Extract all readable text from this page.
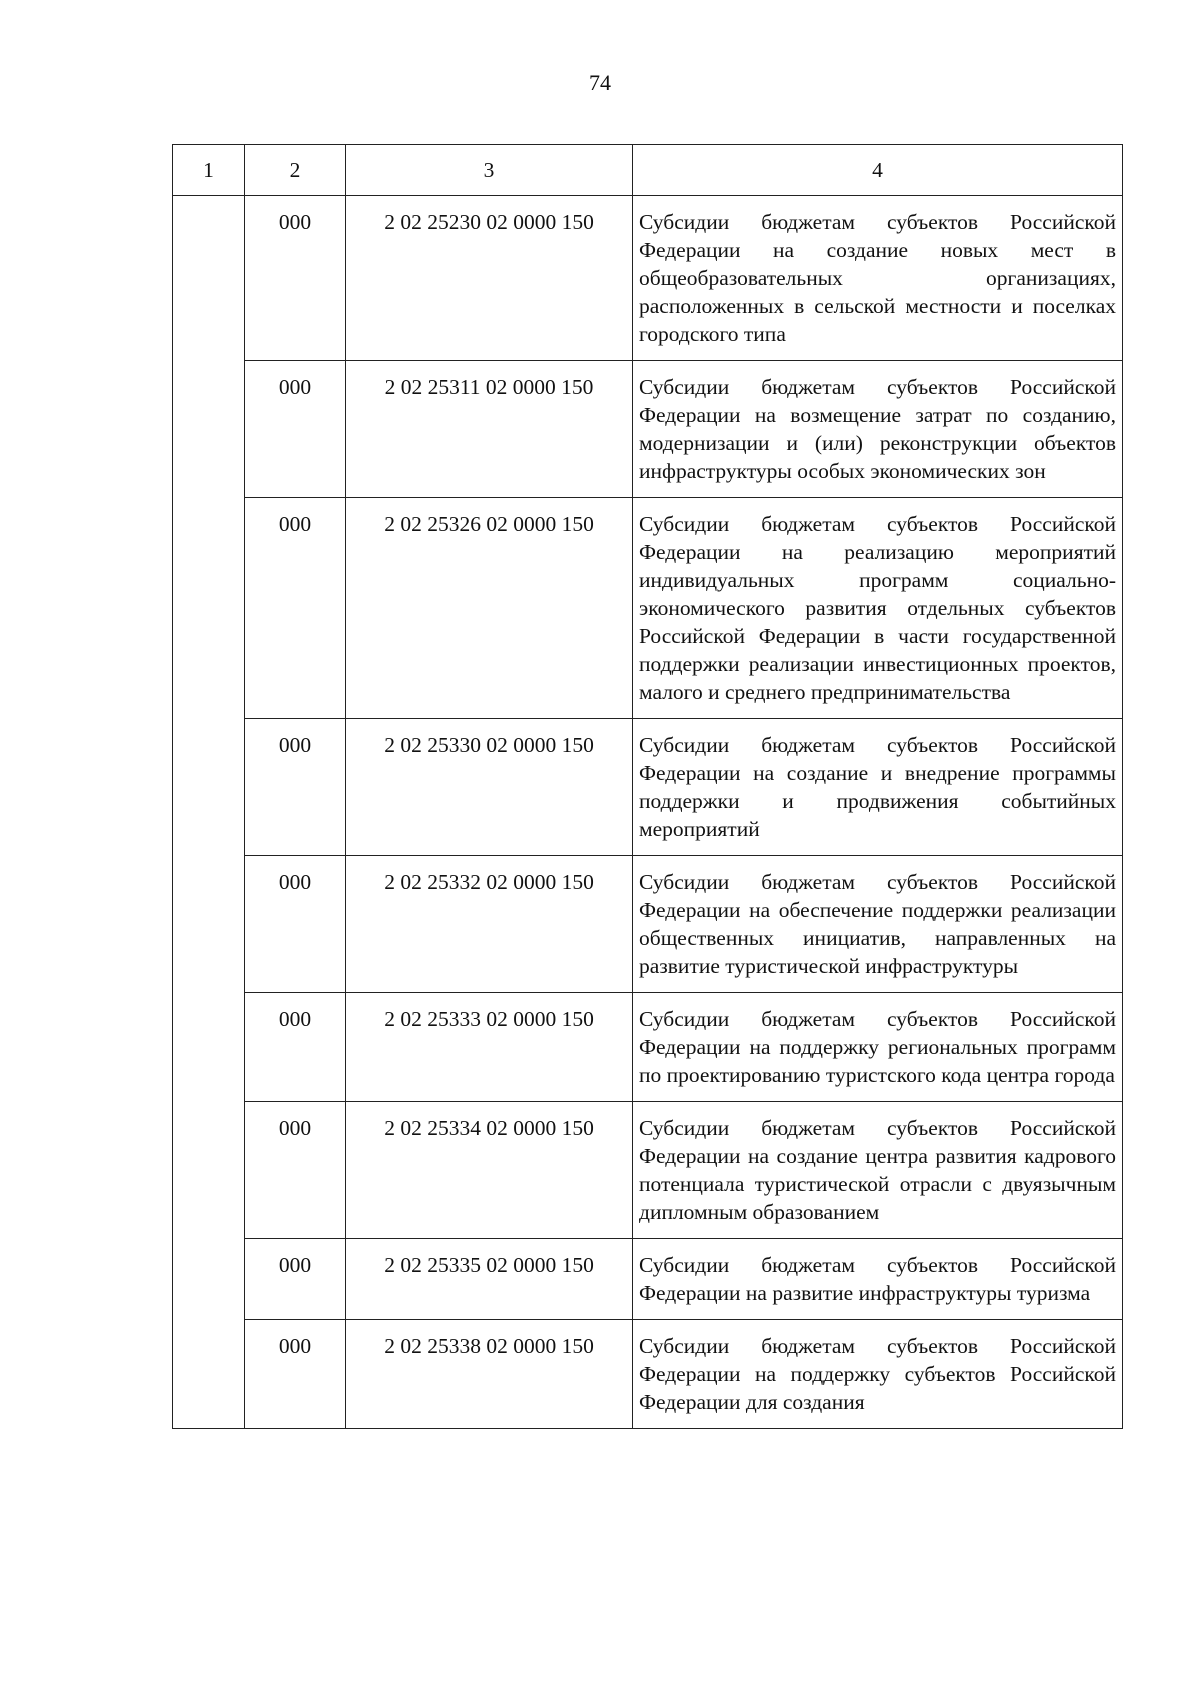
74
1	2	3	4
	000	2 02 25230 02 0000 150	Субсидии бюджетам субъектов Российской Федерации на создание новых мест в общеобразовательных организациях, расположенных в сельской местности и поселках городского типа
	000	2 02 25311 02 0000 150	Субсидии бюджетам субъектов Российской Федерации на возмещение затрат по созданию, модернизации и (или) реконструкции объектов инфраструктуры особых экономических зон
	000	2 02 25326 02 0000 150	Субсидии бюджетам субъектов Российской Федерации на реализацию мероприятий индивидуальных программ социально-экономического развития отдельных субъектов Российской Федерации в части государственной поддержки реализации инвестиционных проектов, малого и среднего предпринимательства
	000	2 02 25330 02 0000 150	Субсидии бюджетам субъектов Российской Федерации на создание и внедрение программы поддержки и продвижения событийных мероприятий
	000	2 02 25332 02 0000 150	Субсидии бюджетам субъектов Российской Федерации на обеспечение поддержки реализации общественных инициатив, направленных на развитие туристической инфраструктуры
	000	2 02 25333 02 0000 150	Субсидии бюджетам субъектов Российской Федерации на поддержку региональных программ по проектированию туристского кода центра города
	000	2 02 25334 02 0000 150	Субсидии бюджетам субъектов Российской Федерации на создание центра развития кадрового потенциала туристической отрасли с двуязычным дипломным образованием
	000	2 02 25335 02 0000 150	Субсидии бюджетам субъектов Российской Федерации на развитие инфраструктуры туризма
	000	2 02 25338 02 0000 150	Субсидии бюджетам субъектов Российской Федерации на поддержку субъектов Российской Федерации для создания
